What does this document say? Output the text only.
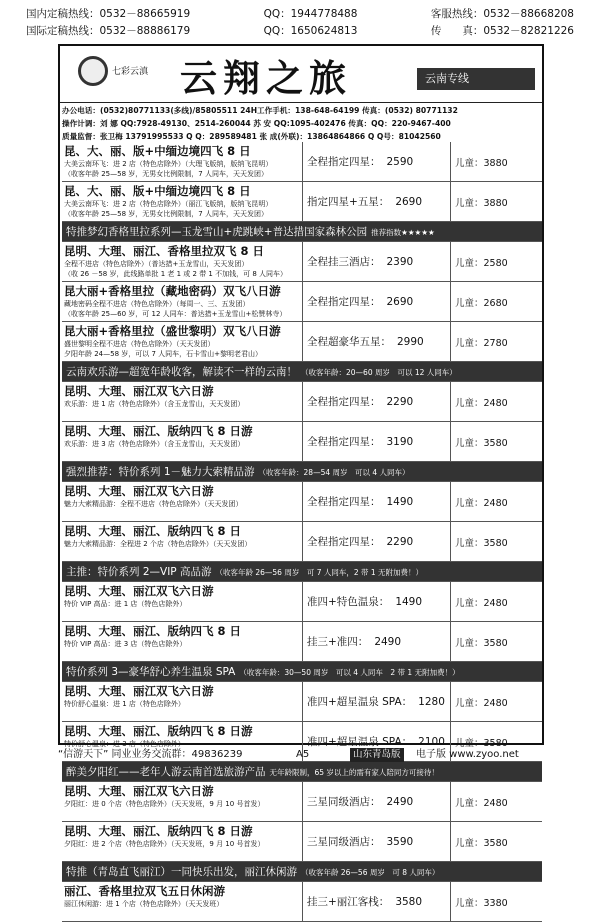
国内定稿热线：0532－88665919	QQ：1944778488	客服热线：0532－88668208
国际定稿热线：0532－88886179	QQ：1650624813	传　　真：0532－82821226
七彩云滇 云翔之旅	云南专线
办公电话：(0532)80771133(多线)/85805511 24H工作手机：138-648-64199 传真：(0532) 80771132
操作计调：刘 娜 QQ:7928-49130、2514-260044 苏 安 QQ:1095-402476 传真：QQ：220-9467-400
质量监督：张卫梅 13791995533 Q Q：289589481 张 成(外联)：13864864866 Q Q号：81042560
昆、大、丽、版+中缅边境四飞 8 日
大美云南环飞：进 2 店（特色店除外）（大理飞版纳，版纳飞昆明）
（收客年龄 25—58 岁，无男女比例限制，7 人同车，天天发团）
全程指定四星： 2590	儿童：3880
昆、大、丽、版+中缅边境四飞 8 日
大美云南环飞：进 2 店（特色店除外）（丽江飞版纳，版纳飞昆明）
（收客年龄 25—58 岁，无男女比例限制，7 人同车，天天发团）
指定四星+五星： 2690	儿童：3880
特推梦幻香格里拉系列—玉龙雪山+虎跳峡+普达措国家森林公园 推荐指数★★★★★
昆明、大理、丽江、香格里拉双飞 8 日
全程不进店（特色店除外）（普达措+玉龙雪山，天天发团）
（收 26 －58 岁，此线路单批 1 老 1 或 2 带 1 不加钱，可 8 人同车）
全程挂三酒店： 2390	儿童：2580
昆大丽+香格里拉（藏地密码）双飞八日游
藏地密码全程不进店（特色店除外）（每周一、三、五发团）
（收客年龄 25—60 岁，可 12 人同车：普达措+玉龙雪山+松赞林寺）
全程指定四星： 2690	儿童：2680
昆大丽+香格里拉（盛世黎明）双飞八日游
盛世黎明全程不进店（特色店除外）（天天发团）
夕阳年龄 24—58 岁，可以 7 人同车，石卡雪山+黎明老君山）
全程超豪华五星： 2990	儿童：2780
云南欢乐游—超宽年龄收客，解读不一样的云南！ （收客年龄：20—60 周岁　可以 12 人同车）
昆明、大理、丽江双飞六日游
欢乐游：进 1 店（特色店除外）（含玉龙雪山，天天发团）	全程指定四星： 2290	儿童：2480
昆明、大理、丽江、版纳四飞 8 日游
欢乐游：进 3 店（特色店除外）（含玉龙雪山，天天发团）	全程指定四星： 3190	儿童：3580
强烈推荐：特价系列 1－魅力大索精品游 （收客年龄：28—54 周岁　可以 4 人同车）
昆明、大理、丽江双飞六日游
魅力大索精品游：全程不进店（特色店除外）（天天发团）	全程指定四星： 1490	儿童：2480
昆明、大理、丽江、版纳四飞 8 日
魅力大索精品游：全程进 2 个店（特色店除外）（天天发团）	全程指定四星： 2290	儿童：3580
主推：特价系列 2—VIP 高品游 （收客年龄 26—56 周岁　可 7 人同车，2 带 1 无附加费！）
昆明、大理、丽江双飞六日游
特价 VIP 高品：进 1 店（特色店除外）	准四+特色温泉： 1490	儿童：2480
昆明、大理、丽江、版纳四飞 8 日
特价 VIP 高品：进 3 店（特色店除外）	挂三+准四： 2490	儿童：3580
特价系列 3—豪华舒心养生温泉 SPA （收客年龄：30—50 周岁　可以 4 人同车　2 带 1 无附加费！）
昆明、大理、丽江双飞六日游
特价舒心温泉：进 1 店（特色店除外）	准四+超星温泉 SPA： 1280 儿童：2480
昆明、大理、丽江、版纳四飞 8 日游
特价舒心温泉：进 3 店（特色店除外）	准四+超星温泉 SPA： 2100 儿童：3580
醉美夕阳红——老年人游云南首选旅游产品 无年龄限制，65 岁以上的需有家人陪同方可接待！
昆明、大理、丽江双飞六日游
夕阳红：进 0 个店（特色店除外）（天天发班，9 月 10 号首发）	三星同级酒店： 2490	儿童：2480
昆明、大理、丽江、版纳四飞 8 日游
夕阳红：进 2 个店（特色店除外）（天天发班，9 月 10 号首发）	三星同级酒店： 3590	儿童：3580
特推（青岛直飞丽江）一同快乐出发，丽江休闲游 （收客年龄 26—56 周岁　可 8 人同车）
丽江、香格里拉双飞五日休闲游
丽江休闲游：进 1 个店（特色店除外）（天天发班）	挂三+丽江客栈： 3580	儿童：3380
“信游天下” 同业业务交流群：49836239	A5	山东青岛版	电子版 www.zyoo.net
